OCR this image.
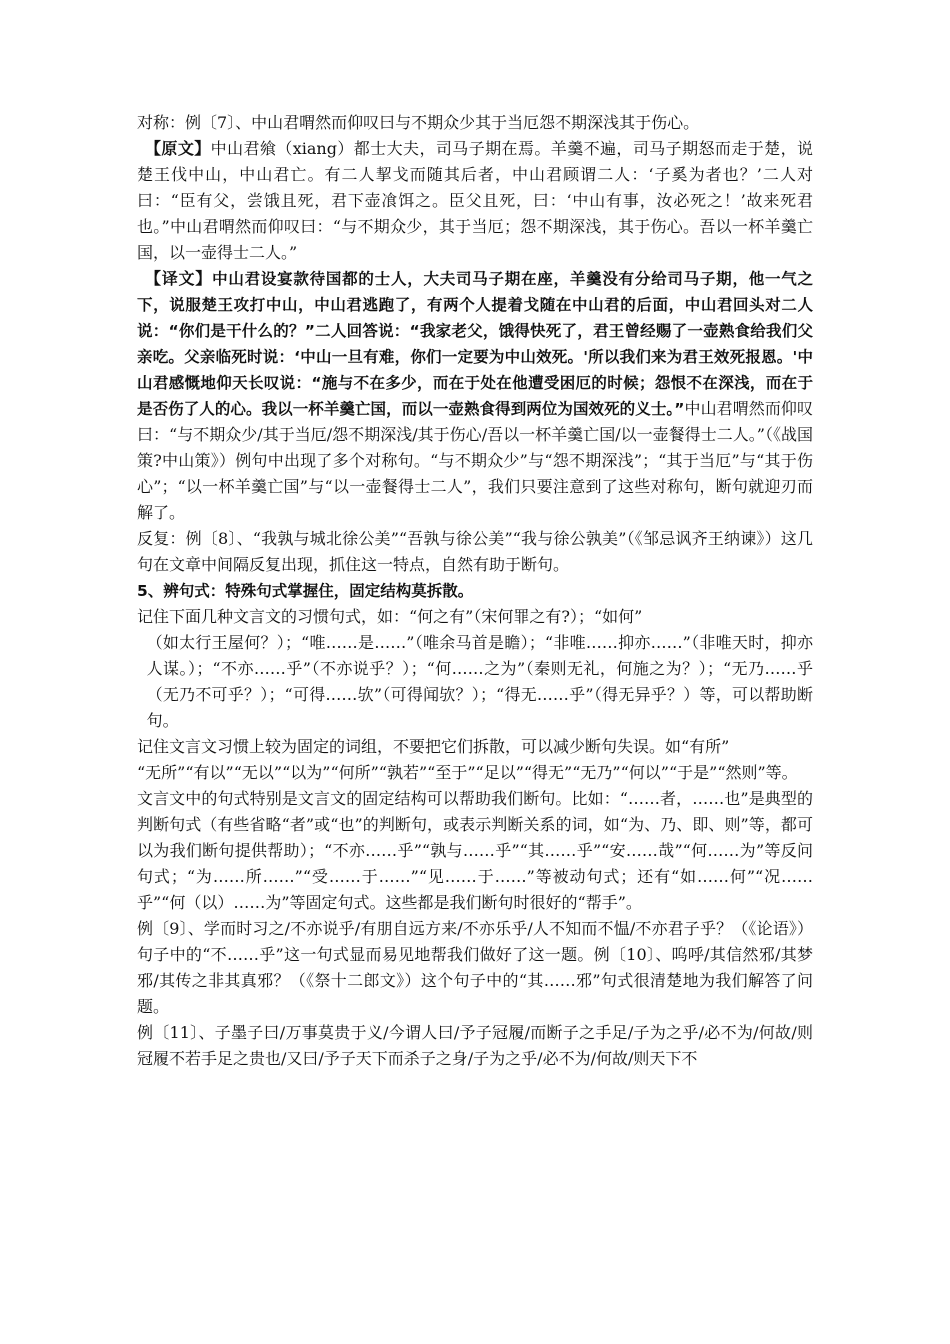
对称：例〔7〕、中山君喟然而仰叹曰与不期众少其于当厄怨不期深浅其于伤心。

【原文】中山君飨（xiang）都士大夫，司马子期在焉。羊羹不遍，司马子期怒而走于楚，说楚王伐中山，中山君亡。有二人挈戈而随其后者，中山君顾谓二人：‘子奚为者也？’二人对曰：“臣有父，尝饿且死，君下壶飡饵之。臣父且死，曰：‘中山有事，汝必死之！’故来死君也。”中山君喟然而仰叹曰：“与不期众少，其于当厄；怨不期深浅，其于伤心。吾以一杯羊羹亡国，以一壶得士二人。”

【译文】中山君设宴款待国都的士人，大夫司马子期在座，羊羹没有分给司马子期，他一气之下，说服楚王攻打中山，中山君逃跑了，有两个人提着戈随在中山君的后面，中山君回头对二人说：“你们是干什么的？”二人回答说：“我家老父，饿得快死了，君王曾经赐了一壶熟食给我们父亲吃。父亲临死时说：‘中山一旦有难，你们一定要为中山效死。'所以我们来为君王效死报恩。'中山君感慨地仰天长叹说：“施与不在多少，而在于处在他遭受困厄的时候；怨恨不在深浅，而在于是否伤了人的心。我以一杯羊羹亡国，而以一壶熟食得到两位为国效死的义士。”中山君喟然而仰叹曰：“与不期众少/其于当厄/怨不期深浅/其于伤心/吾以一杯羊羹亡国/以一壶餐得士二人。”（《战国策?中山策》）例句中出现了多个对称句。“与不期众少”与“怨不期深浅”；“其于当厄”与“其于伤心”；“以一杯羊羹亡国”与“以一壶餐得士二人”，我们只要注意到了这些对称句，断句就迎刃而解了。

反复：例〔8〕、“我孰与城北徐公美”“吾孰与徐公美”“我与徐公孰美”（《邹忌讽齐王纳谏》）这几句在文章中间隔反复出现，抓住这一特点，自然有助于断句。

5、辨句式：特殊句式掌握住，固定结构莫拆散。

记住下面几种文言文的习惯句式，如：“何之有”（宋何罪之有?）；“如何”

（如太行王屋何？）；“唯……是……”（唯余马首是瞻）；“非唯……抑亦……”（非唯天时，抑亦人谋。）；“不亦……乎”（不亦说乎？）；“何……之为”（秦则无礼，何施之为？）；“无乃……乎（无乃不可乎？）；“可得……欤”（可得闻欤？）；“得无……乎”（得无异乎？）等，可以帮助断句。

记住文言文习惯上较为固定的词组，不要把它们拆散，可以减少断句失误。如“有所”

“无所”“有以”“无以”“以为”“何所”“孰若”“至于”“足以”“得无”“无乃”“何以”“于是”“然则”等。

文言文中的句式特别是文言文的固定结构可以帮助我们断句。比如：“……者，……也”是典型的判断句式（有些省略“者”或“也”的判断句，或表示判断关系的词，如“为、乃、即、则”等，都可以为我们断句提供帮助）；“不亦……乎”“孰与……乎”“其……乎”“安……哉”“何……为”等反问句式；“为……所……”“受……于……”“见……于……”等被动句式；还有“如……何”“况……乎”“何（以）……为”等固定句式。这些都是我们断句时很好的“帮手”。

例〔9〕、学而时习之/不亦说乎/有朋自远方来/不亦乐乎/人不知而不愠/不亦君子乎？（《论语》）句子中的“不……乎”这一句式显而易见地帮我们做好了这一题。例〔10〕、呜呼/其信然邪/其梦邪/其传之非其真邪？（《祭十二郎文》）这个句子中的“其……邪”句式很清楚地为我们解答了问题。

例〔11〕、子墨子曰/万事莫贵于义/今谓人曰/予子冠履/而断子之手足/子为之乎/必不为/何故/则冠履不若手足之贵也/又曰/予子天下而杀子之身/子为之乎/必不为/何故/则天下不
